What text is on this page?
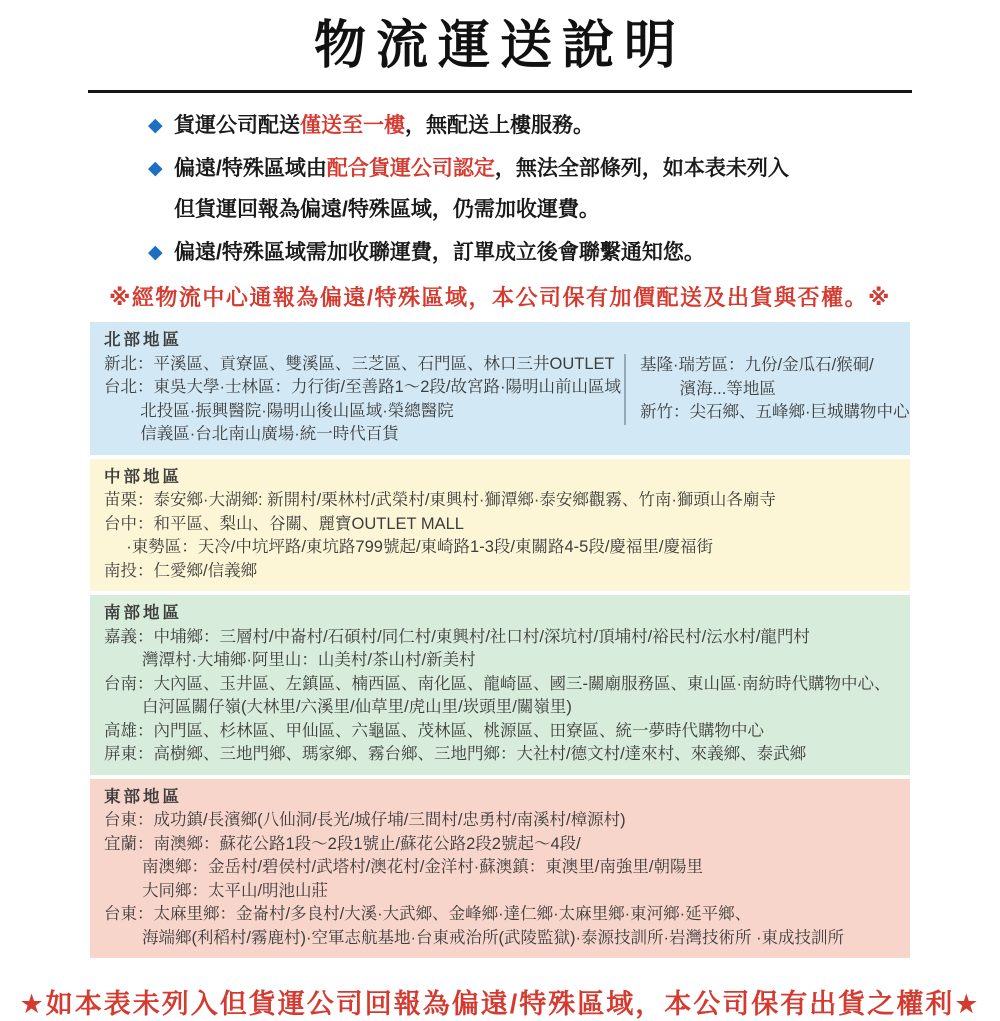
物流運送說明
◆ 貨運公司配送僅送至一樓，無配送上樓服務。
◆ 偏遠/特殊區域由配合貨運公司認定，無法全部條列，如本表未列入
但貨運回報為偏遠/特殊區域，仍需加收運費。
◆ 偏遠/特殊區域需加收聯運費，訂單成立後會聯繫通知您。
※經物流中心通報為偏遠/特殊區域，本公司保有加價配送及出貨與否權。※
北部地區
新北：平溪區、貢寮區、雙溪區、三芝區、石門區、林口三井OUTLET
台北：東吳大學·士林區：力行街/至善路1～2段/故宮路·陽明山前山區域
北投區·振興醫院·陽明山後山區域·榮總醫院
信義區·台北南山廣場·統一時代百貨
基隆·瑞芳區：九份/金瓜石/猴硐/
濱海...等地區
新竹：尖石鄉、五峰鄉·巨城購物中心
中部地區
苗栗：泰安鄉·大湖鄉: 新開村/栗林村/武榮村/東興村·獅潭鄉·泰安鄉觀霧、竹南·獅頭山各廟寺
台中：和平區、梨山、谷關、麗寶OUTLET MALL
·東勢區：天冷/中坑坪路/東坑路799號起/東崎路1-3段/東關路4-5段/慶福里/慶福街
南投：仁愛鄉/信義鄉
南部地區
嘉義：中埔鄉：三層村/中崙村/石碩村/同仁村/東興村/社口村/深坑村/頂埔村/裕民村/沄水村/龍門村
灣潭村·大埔鄉·阿里山：山美村/茶山村/新美村
台南：大內區、玉井區、左鎮區、楠西區、南化區、龍崎區、國三-關廟服務區、東山區·南紡時代購物中心、
白河區關仔嶺(大林里/六溪里/仙草里/虎山里/崁頭里/關嶺里)
高雄：內門區、杉林區、甲仙區、六龜區、茂林區、桃源區、田寮區、統一夢時代購物中心
屏東：高樹鄉、三地門鄉、瑪家鄉、霧台鄉、三地門鄉：大社村/德文村/達來村、來義鄉、泰武鄉
東部地區
台東：成功鎮/長濱鄉(八仙洞/長光/城仔埔/三間村/忠勇村/南溪村/樟源村)
宜蘭：南澳鄉：蘇花公路1段～2段1號止/蘇花公路2段2號起～4段/
南澳鄉：金岳村/碧侯村/武塔村/澳花村/金洋村·蘇澳鎮：東澳里/南強里/朝陽里
大同鄉：太平山/明池山莊
台東：太麻里鄉：金崙村/多良村/大溪·大武鄉、金峰鄉·達仁鄉·太麻里鄉·東河鄉·延平鄉、
海端鄉(利稻村/霧鹿村)·空軍志航基地·台東戒治所(武陵監獄)·泰源技訓所·岩灣技術所 ·東成技訓所
★如本表未列入但貨運公司回報為偏遠/特殊區域，本公司保有出貨之權利★
